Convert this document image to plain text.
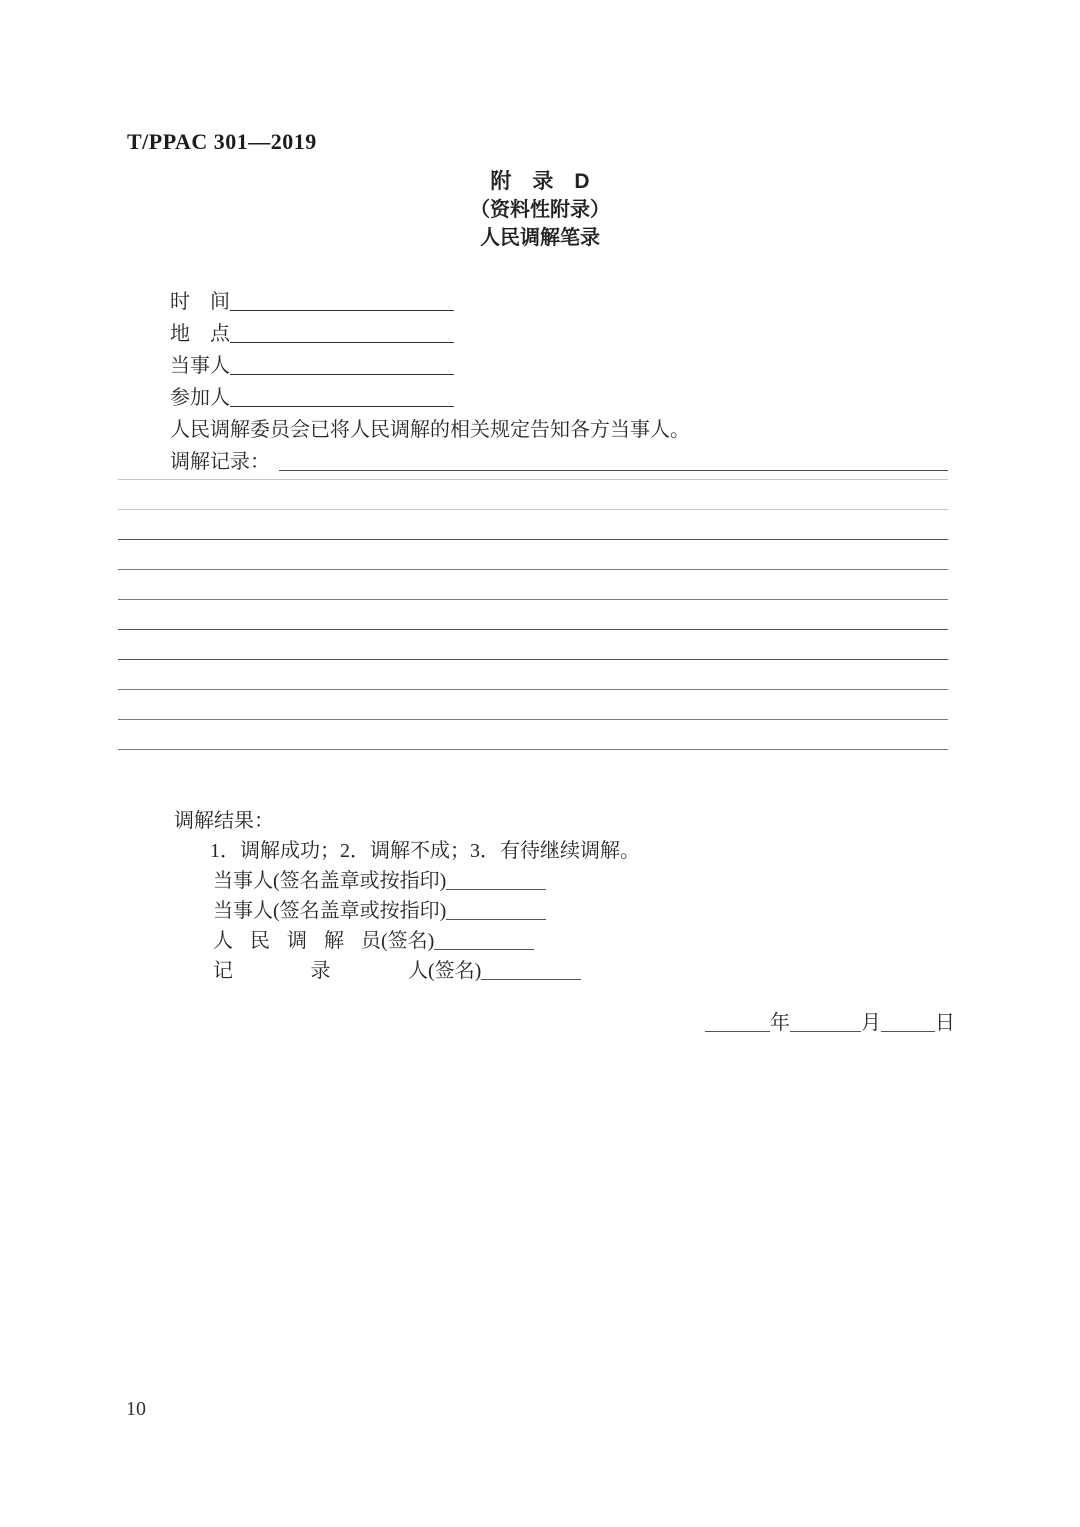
T/PPAC 301—2019
附　录　D
（资料性附录）
人民调解笔录
时　间
地　点
当事人
参加人
人民调解委员会已将人民调解的相关规定告知各方当事人。
调解记录：
调解结果：
1．调解成功；2．调解不成；3．有待继续调解。
当事人 (签名盖章或按指印)
当事人 (签名盖章或按指印)
人民调解员 (签名)
记录人 (签名)
年	月	日
10
